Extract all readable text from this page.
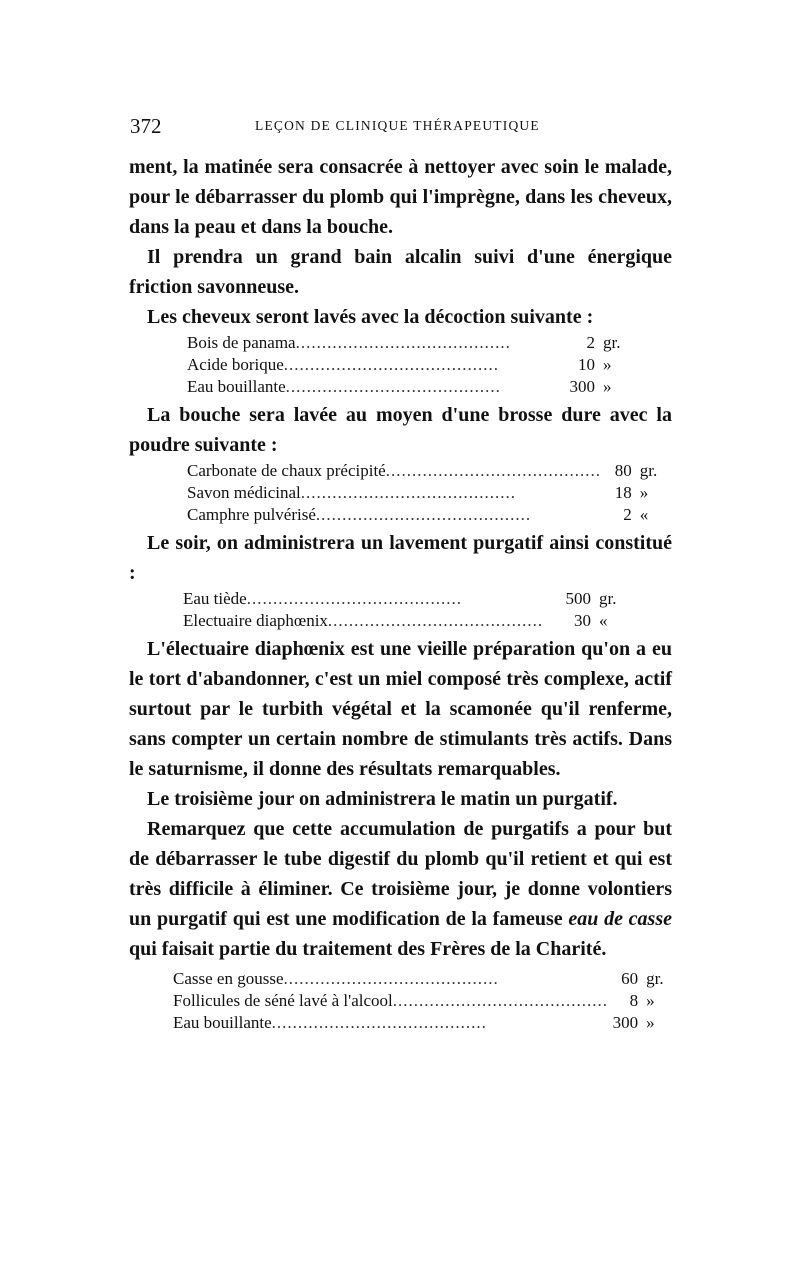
372	LEÇON DE CLINIQUE THÉRAPEUTIQUE

ment, la matinée sera consacrée à nettoyer avec soin le malade, pour le débarrasser du plomb qui l'imprègne, dans les cheveux, dans la peau et dans la bouche.

Il prendra un grand bain alcalin suivi d'une énergique friction savonneuse.

Les cheveux seront lavés avec la décoction suivante :

Bois de panama.........................................	2	gr.
Acide borique.........................................	10	»
Eau bouillante.........................................	300	»

La bouche sera lavée au moyen d'une brosse dure avec la poudre suivante :

Carbonate de chaux précipité.........................................	80	gr.
Savon médicinal.........................................	18	»
Camphre pulvérisé.........................................	2	«

Le soir, on administrera un lavement purgatif ainsi constitué :

Eau tiède.........................................	500	gr.
Electuaire diaphœnix.........................................	30	«

L'électuaire diaphœnix est une vieille préparation qu'on a eu le tort d'abandonner, c'est un miel composé très complexe, actif surtout par le turbith végétal et la scamonée qu'il renferme, sans compter un certain nombre de stimulants très actifs. Dans le saturnisme, il donne des résultats remarquables.

Le troisième jour on administrera le matin un purgatif.

Remarquez que cette accumulation de purgatifs a pour but de débarrasser le tube digestif du plomb qu'il retient et qui est très difficile à éliminer. Ce troisième jour, je donne volontiers un purgatif qui est une modification de la fameuse eau de casse qui faisait partie du traitement des Frères de la Charité.

Casse en gousse.........................................	60	gr.
Follicules de séné lavé à l'alcool.........................................	8	»
Eau bouillante.........................................	300	»
